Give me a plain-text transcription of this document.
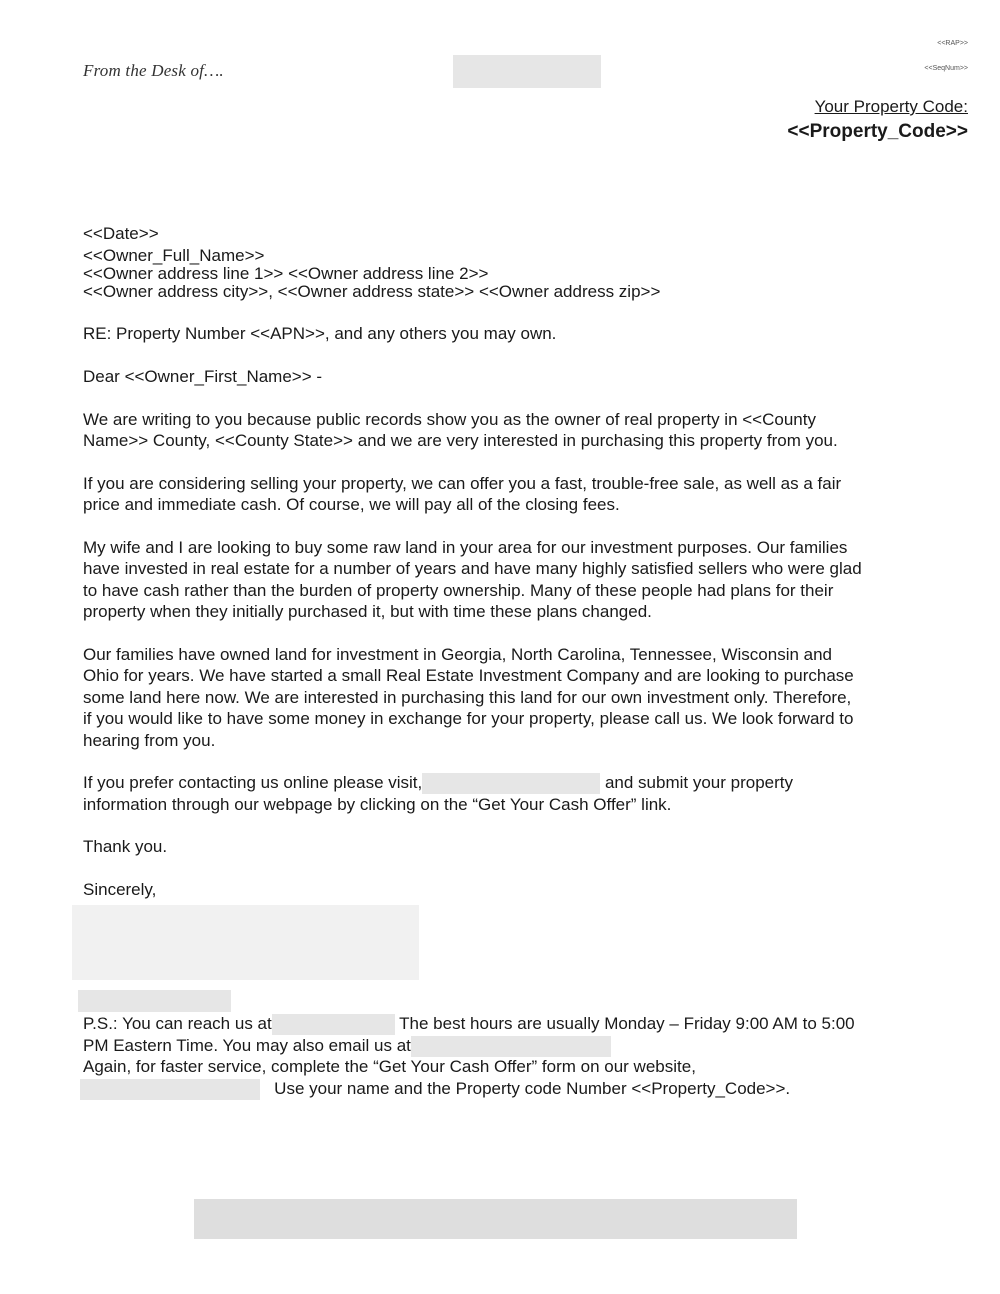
<<RAP>>
<<SeqNum>>
From the Desk of….
Your Property Code:
<<Property_Code>>
<<Date>>
<<Owner_Full_Name>>
<<Owner address line 1>> <<Owner address line 2>>
<<Owner address city>>, <<Owner address state>> <<Owner address zip>>
RE: Property Number <<APN>>, and any others you may own.
Dear <<Owner_First_Name>> -
We are writing to you because public records show you as the owner of real property in <<County
Name>> County, <<County State>> and we are very interested in purchasing this property from you.
If you are considering selling your property, we can offer you a fast, trouble-free sale, as well as a fair
price and immediate cash. Of course, we will pay all of the closing fees.
My wife and I are looking to buy some raw land in your area for our investment purposes. Our families
have invested in real estate for a number of years and have many highly satisfied sellers who were glad
to have cash rather than the burden of property ownership. Many of these people had plans for their
property when they initially purchased it, but with time these plans changed.
Our families have owned land for investment in Georgia, North Carolina, Tennessee, Wisconsin and
Ohio for years. We have started a small Real Estate Investment Company and are looking to purchase
some land here now. We are interested in purchasing this land for our own investment only. Therefore,
if you would like to have some money in exchange for your property, please call us. We look forward to
hearing from you.
If you prefer contacting us online please visit,	and submit your property
information through our webpage by clicking on the “Get Your Cash Offer” link.
Thank you.
Sincerely,
P.S.: You can reach us at	The best hours are usually Monday – Friday 9:00 AM to 5:00
PM Eastern Time. You may also email us at
Again, for faster service, complete the “Get Your Cash Offer” form on our website,
Use your name and the Property code Number <<Property_Code>>.
